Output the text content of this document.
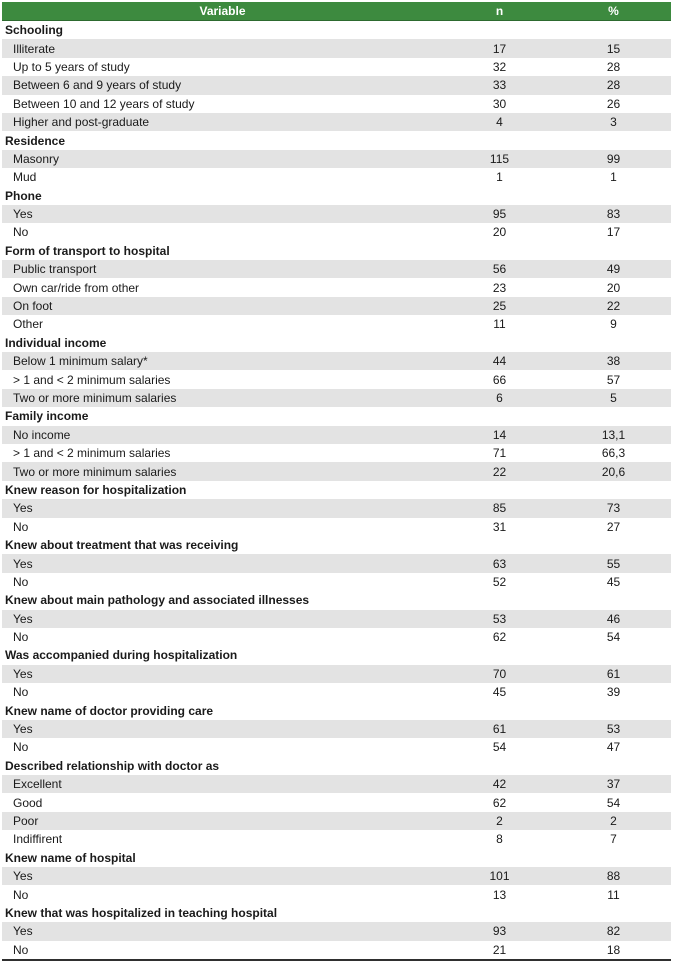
Variable	n	%
Schooling		
Illiterate	17	15
Up to 5 years of study	32	28
Between 6 and 9 years of study	33	28
Between 10 and 12 years of study	30	26
Higher and post-graduate	4	3
Residence		
Masonry	115	99
Mud	1	1
Phone		
Yes	95	83
No	20	17
Form of transport to hospital		
Public transport	56	49
Own car/ride from other	23	20
On foot	25	22
Other	11	9
Individual income		
Below 1 minimum salary*	44	38
> 1 and < 2 minimum salaries	66	57
Two or more minimum salaries	6	5
Family income		
No income	14	13,1
> 1 and < 2 minimum salaries	71	66,3
Two or more minimum salaries	22	20,6
Knew reason for hospitalization		
Yes	85	73
No	31	27
Knew about treatment that was receiving		
Yes	63	55
No	52	45
Knew about main pathology and associated illnesses		
Yes	53	46
No	62	54
Was accompanied during hospitalization		
Yes	70	61
No	45	39
Knew name of doctor providing care		
Yes	61	53
No	54	47
Described relationship with doctor as		
Excellent	42	37
Good	62	54
Poor	2	2
Indiffirent	8	7
Knew name of hospital		
Yes	101	88
No	13	11
Knew that was hospitalized in teaching hospital		
Yes	93	82
No	21	18
